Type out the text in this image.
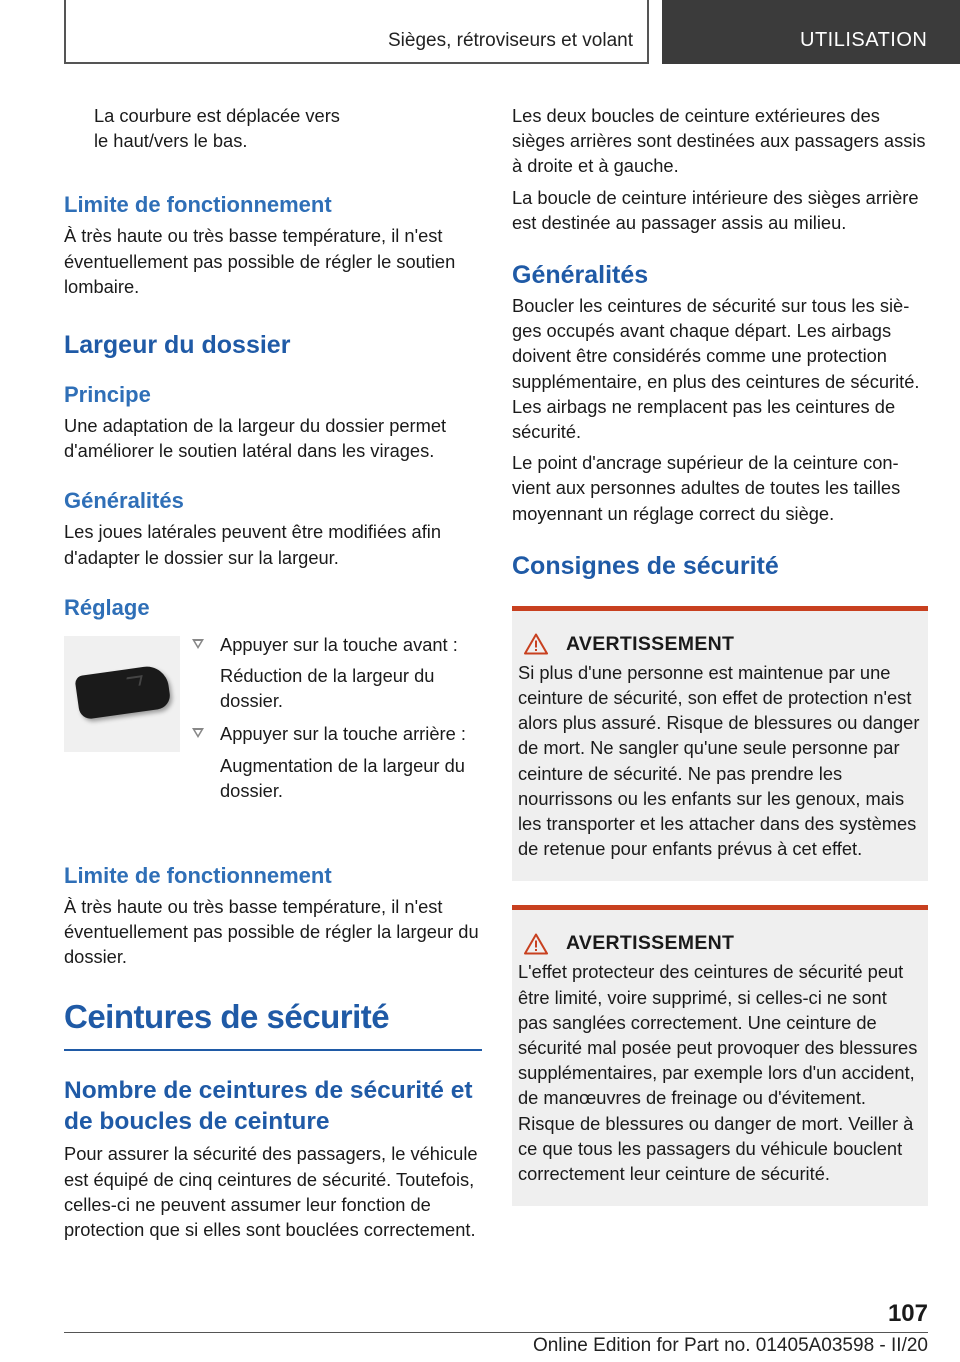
Sièges, rétroviseurs et volant	UTILISATION

La courbure est déplacée vers

le haut/vers le bas.

Limite de fonctionnement

À très haute ou très basse température, il n'est éventuellement pas possible de régler le soutien lombaire.

Largeur du dossier
Principe

Une adaptation de la largeur du dossier permet d'améliorer le soutien latéral dans les virages.

Généralités

Les joues latérales peuvent être modifiées afin d'adapter le dossier sur la largeur.

Réglage

Appuyer sur la touche avant :

Réduction de la largeur du dossier.

Appuyer sur la touche arrière :

Augmentation de la largeur du dossier.

Limite de fonctionnement

À très haute ou très basse température, il n'est éventuellement pas possible de régler la largeur du dossier.

Ceintures de sécurité
Nombre de ceintures de sécurité et de boucles de ceinture

Pour assurer la sécurité des passagers, le véhicule est équipé de cinq ceintures de sécurité. Toutefois, celles-ci ne peuvent assumer leur fonction de protection que si elles sont bouclées correctement.

Les deux boucles de ceinture extérieures des sièges arrières sont destinées aux passagers assis à droite et à gauche.

La boucle de ceinture intérieure des sièges arrière est destinée au passager assis au milieu.

Généralités

Boucler les ceintures de sécurité sur tous les sièges occupés avant chaque départ. Les airbags doivent être considérés comme une protection supplémentaire, en plus des ceintures de sécurité. Les airbags ne remplacent pas les ceintures de sécurité.

Le point d'ancrage supérieur de la ceinture convient aux personnes adultes de toutes les tailles moyennant un réglage correct du siège.

Consignes de sécurité
AVERTISSEMENT

Si plus d'une personne est maintenue par une ceinture de sécurité, son effet de protection n'est alors plus assuré. Risque de blessures ou danger de mort. Ne sangler qu'une seule personne par ceinture de sécurité. Ne pas prendre les nourrissons ou les enfants sur les genoux, mais les transporter et les attacher dans des systèmes de retenue pour enfants prévus à cet effet.

AVERTISSEMENT

L'effet protecteur des ceintures de sécurité peut être limité, voire supprimé, si celles-ci ne sont pas sanglées correctement. Une ceinture de sécurité mal posée peut provoquer des blessures supplémentaires, par exemple lors d'un accident, de manœuvres de freinage ou d'évitement. Risque de blessures ou danger de mort. Veiller à ce que tous les passagers du véhicule bouclent correctement leur ceinture de sécurité.

107
Online Edition for Part no. 01405A03598 - II/20
